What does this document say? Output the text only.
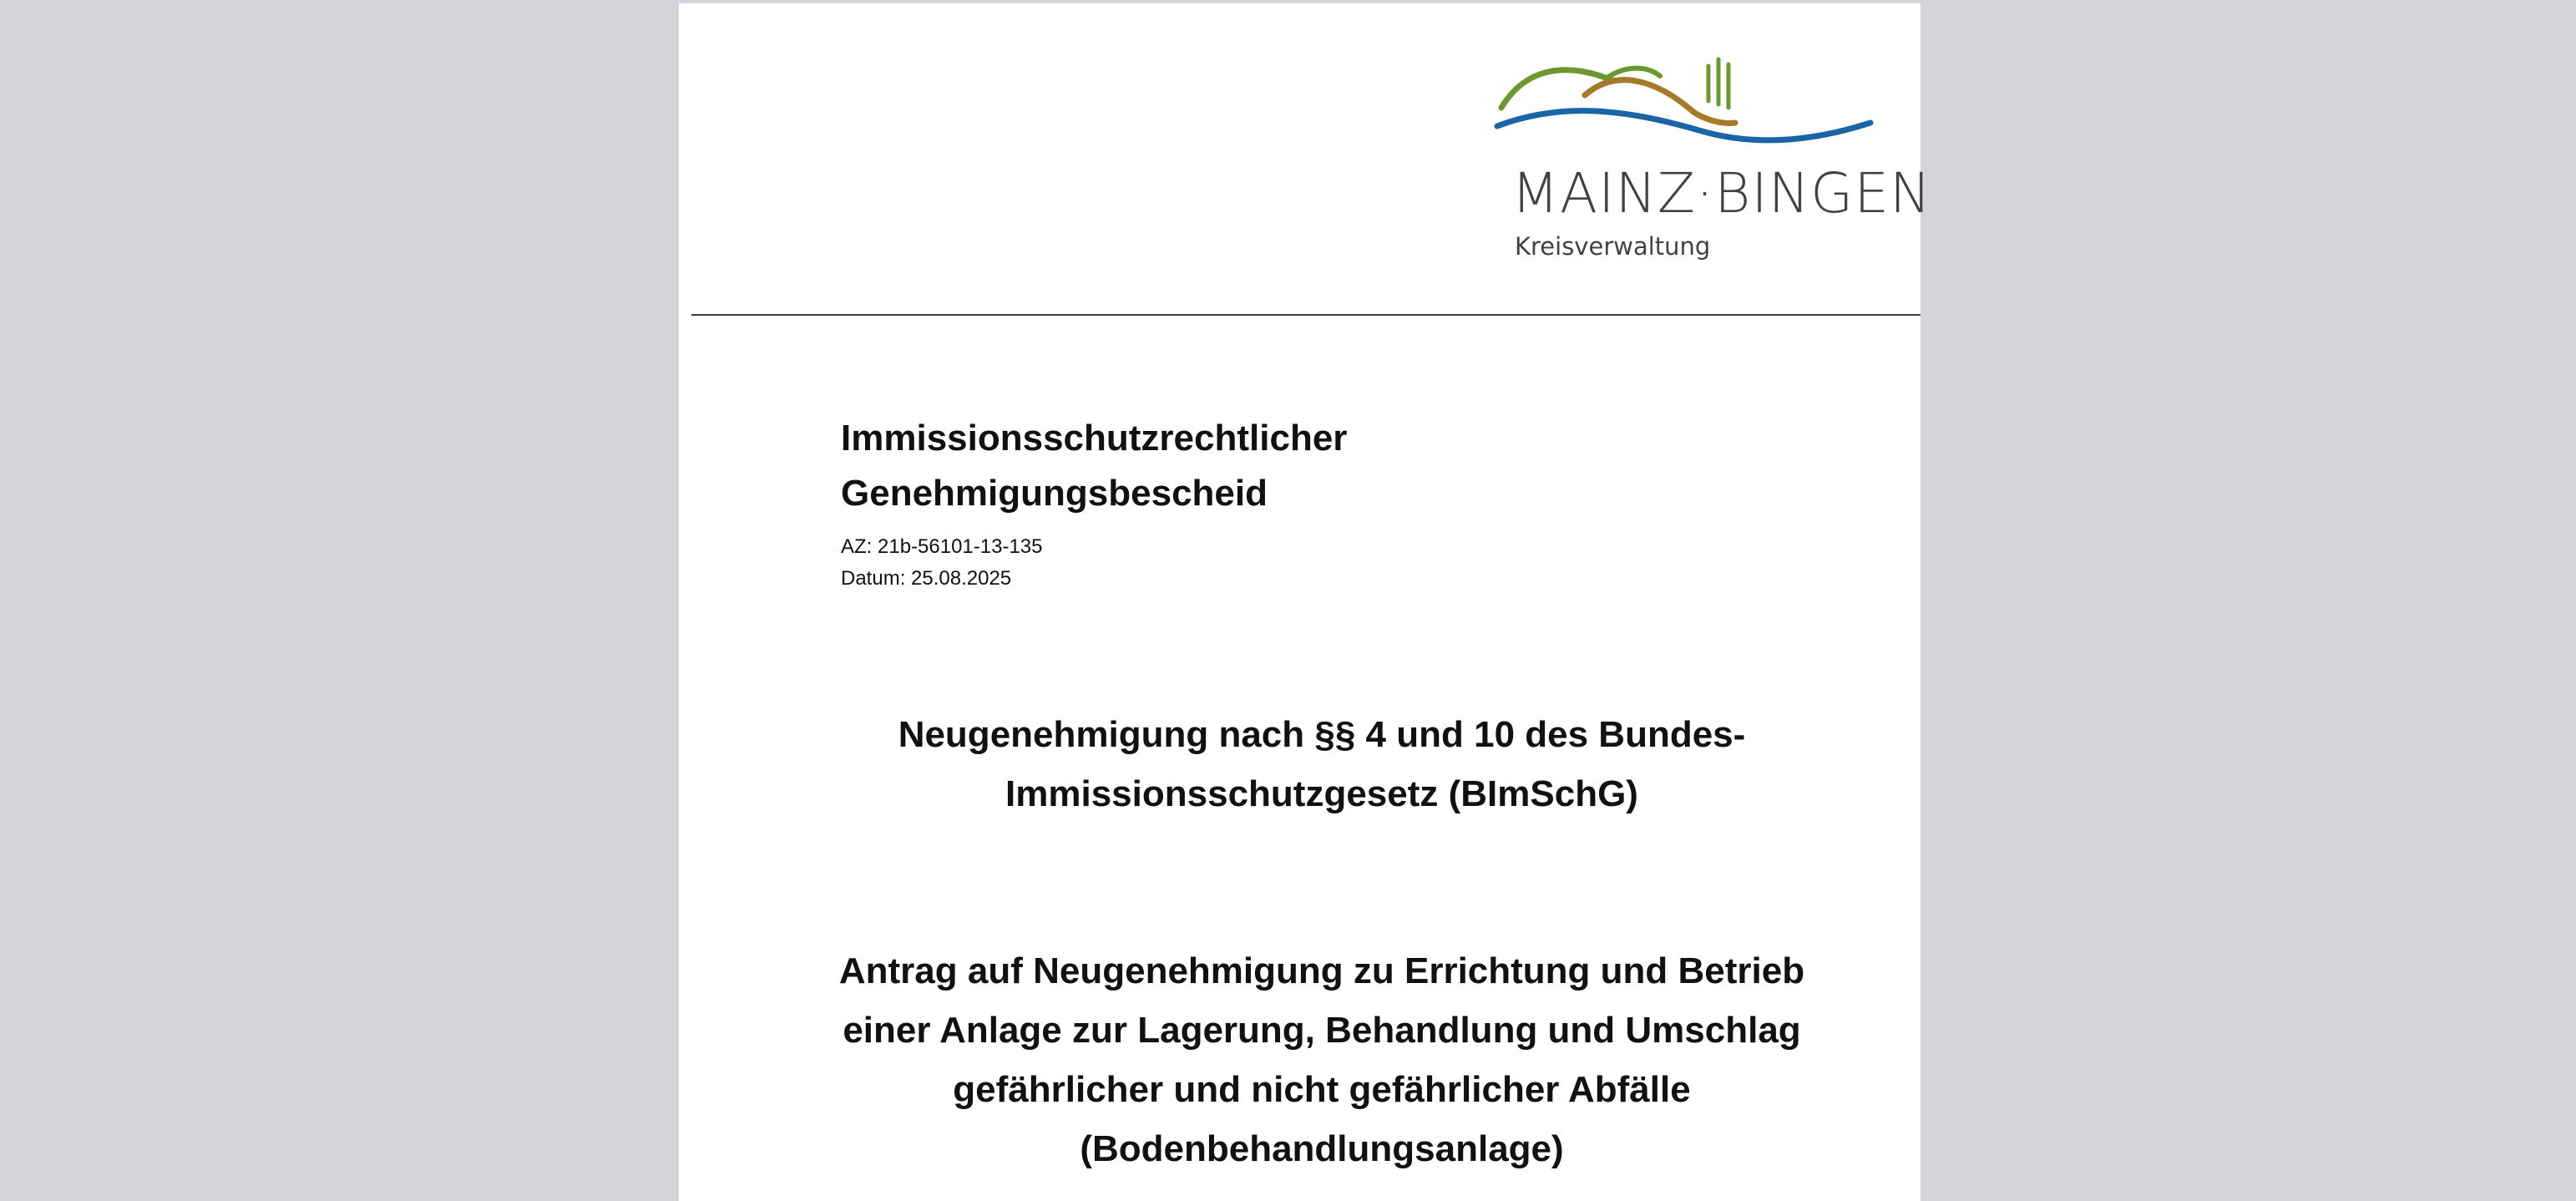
MAINZ·BINGEN
Kreisverwaltung
Immissionsschutzrechtlicher
Genehmigungsbescheid
AZ: 21b-56101-13-135
Datum: 25.08.2025
Neugenehmigung nach §§ 4 und 10 des Bundes-
Immissionsschutzgesetz (BImSchG)
Antrag auf Neugenehmigung zu Errichtung und Betrieb
einer Anlage zur Lagerung, Behandlung und Umschlag
gefährlicher und nicht gefährlicher Abfälle
(Bodenbehandlungsanlage)
